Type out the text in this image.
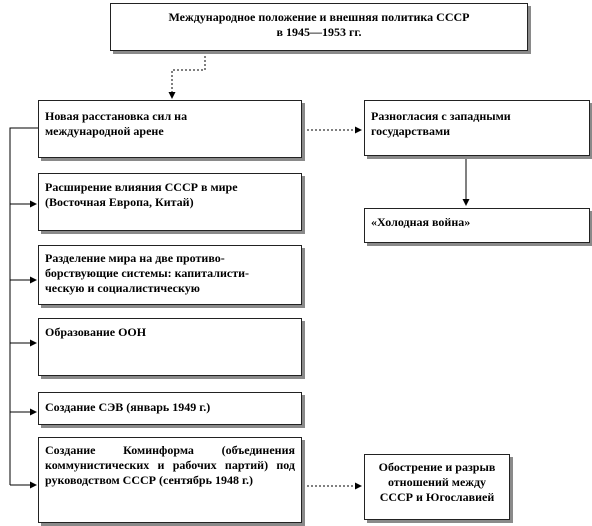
Международное положение и внешняя политика СССР
в 1945—1953 гг.
Новая расстановка сил на
международной арене
Расширение влияния СССР в мире
(Восточная Европа, Китай)
Разделение мира на две противо-
борствующие системы: капиталисти-
ческую и социалистическую
Образование ООН
Создание СЭВ (январь 1949 г.)
Создание Коминформа (объединения коммунистических и рабочих партий) под руководством СССР (сентябрь 1948 г.)
Разногласия с западными
государствами
«Холодная война»
Обострение и разрыв
отношений между
СССР и Югославией
